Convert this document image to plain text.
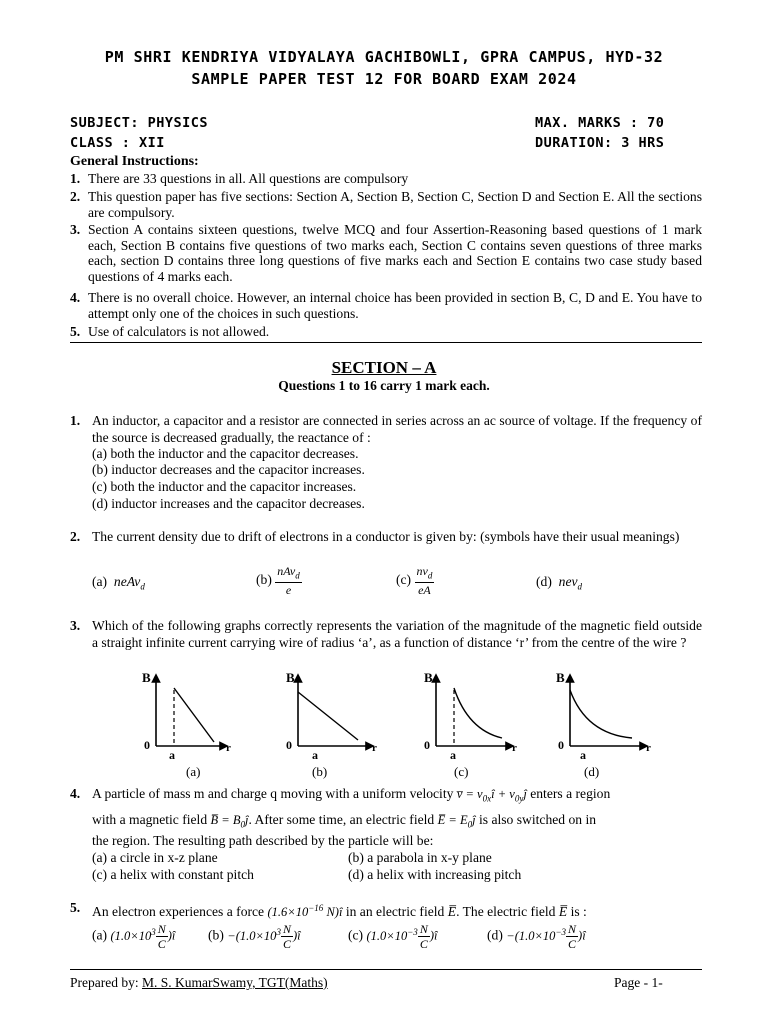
PM SHRI KENDRIYA VIDYALAYA GACHIBOWLI, GPRA CAMPUS, HYD-32
SAMPLE PAPER TEST 12 FOR BOARD EXAM 2024
SUBJECT: PHYSICS
CLASS : XII
MAX. MARKS : 70
DURATION: 3 HRS
General Instructions:
1. There are 33 questions in all. All questions are compulsory
2. This question paper has five sections: Section A, Section B, Section C, Section D and Section E. All the sections are compulsory.
3. Section A contains sixteen questions, twelve MCQ and four Assertion-Reasoning based questions of 1 mark each, Section B contains five questions of two marks each, Section C contains seven questions of three marks each, section D contains three long questions of five marks each and Section E contains two case study based questions of 4 marks each.
4. There is no overall choice. However, an internal choice has been provided in section B, C, D and E. You have to attempt only one of the choices in such questions.
5. Use of calculators is not allowed.
SECTION – A
Questions 1 to 16 carry 1 mark each.
1. An inductor, a capacitor and a resistor are connected in series across an ac source of voltage. If the frequency of the source is decreased gradually, the reactance of :
(a) both the inductor and the capacitor decreases.
(b) inductor decreases and the capacitor increases.
(c) both the inductor and the capacitor increases.
(d) inductor increases and the capacitor decreases.
2. The current density due to drift of electrons in a conductor is given by: (symbols have their usual meanings)
(a) neAv$_d$	$(b) \frac{nAv_d}{e}$	$(c) \frac{nv_d}{eA}$	(d) nev$_d$
3. Which of the following graphs correctly represents the variation of the magnitude of the magnetic field outside a straight infinite current carrying wire of radius ‘a’, as a function of distance ‘r’ from the centre of the wire ?
B
0
a	r
(a)
B
0
a	r
(b)
B
0
a	r
(c)
B
0
a	r
(d)
4. A particle of mass m and charge q moving with a uniform velocity v̅ = $v_{0x}î$ + $v_{0y}ĵ$ enters a region
with a magnetic field B̅ = $B_0ĵ$. After some time, an electric field E̅ = $E_0ĵ$ is also switched on in
the region. The resulting path described by the particle will be:
(a) a circle in x-z plane	(b) a parabola in x-y plane
(c) a helix with constant pitch	(d) a helix with increasing pitch
5. An electron experiences a force ($1.6\times 10^{-16}$ N)î in an electric field E̅. The electric field E̅ is :
(a) ($1.0\times 10^3 \frac{N}{C}$ )î $(b) -(1.0\times 10^3 \frac{N}{C}$ )î	(c) ($1.0\times 10^{-3} \frac{N}{C}$ )î	$(d) -(1.0\times 10^{-3} \frac{N}{C}$ )î
Prepared by: M. S. KumarSwamy, TGT(Maths)	Page - 1-
